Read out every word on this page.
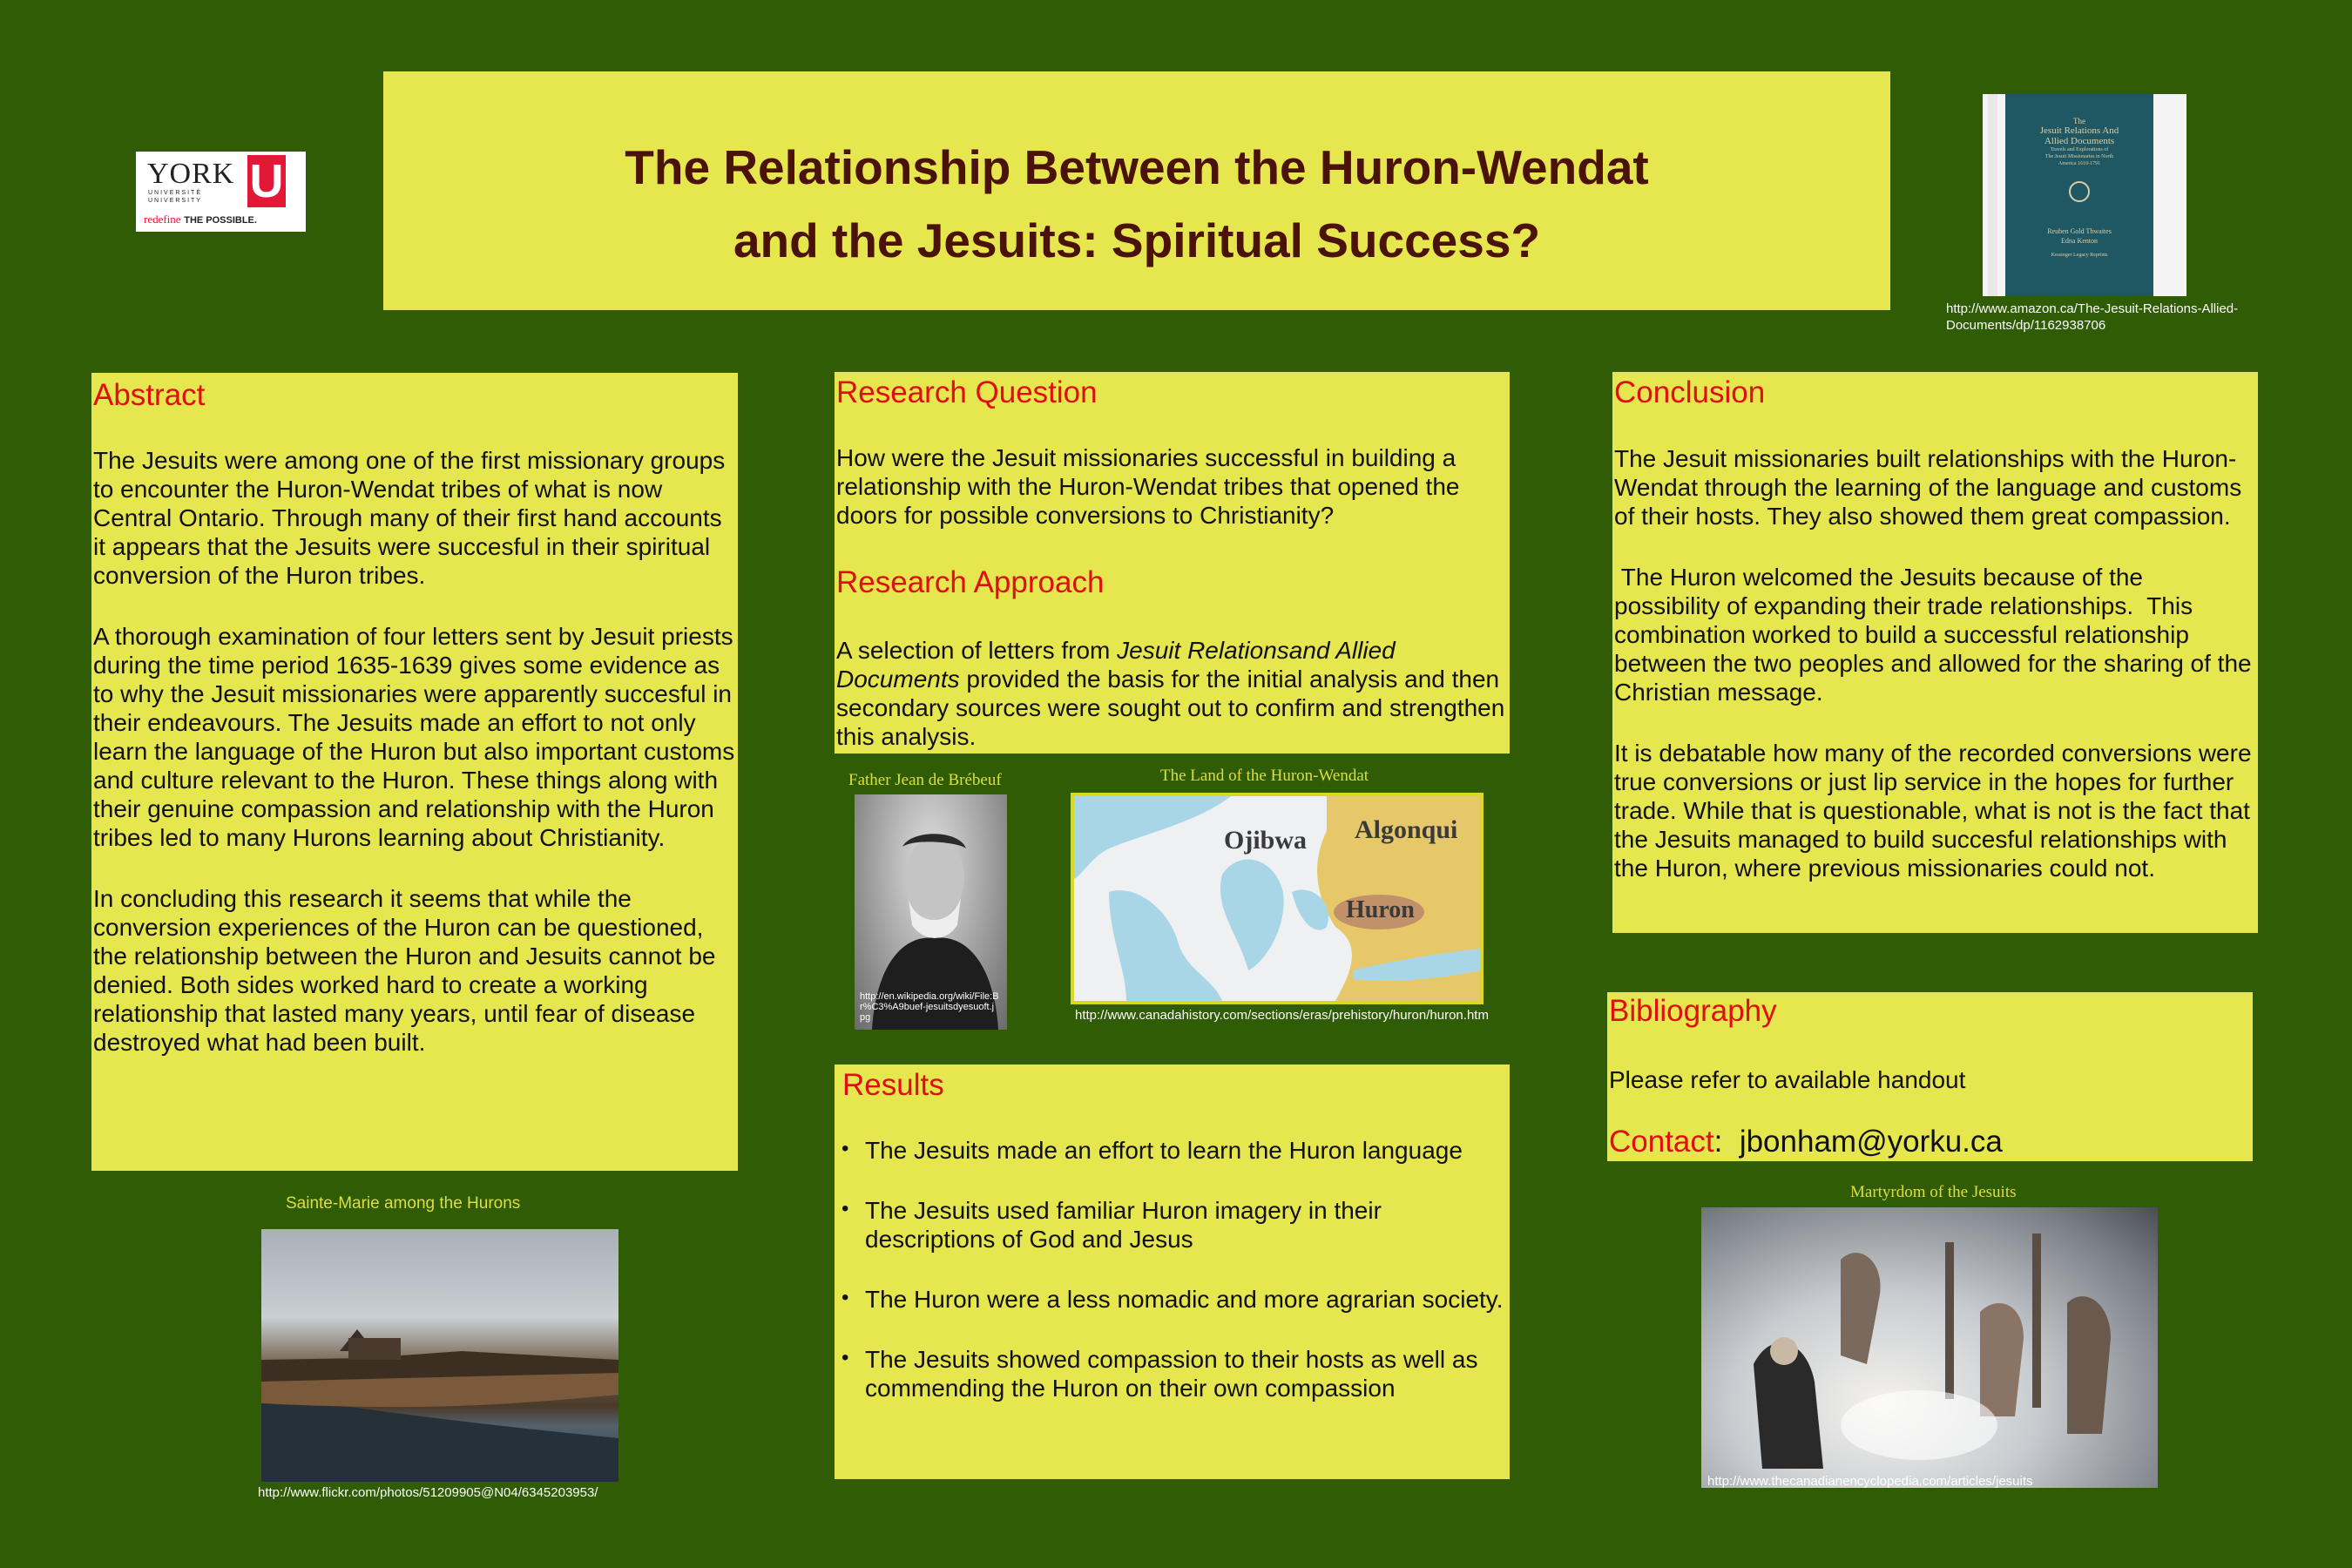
YORK
UNIVERSITÉ
UNIVERSITY U
redefine THE POSSIBLE.
The Relationship Between the Huron-Wendat
and the Jesuits: Spiritual Success?
The
Jesuit Relations And
Allied Documents
Travels and Explorations of
The Jesuit Missionaries in North
America 1610-1791
Reuben Gold Thwaites
Edna Kenton
Kessinger Legacy Reprints
http://www.amazon.ca/The-Jesuit-Relations-Allied-Documents/dp/1162938706
Abstract

The Jesuits were among one of the first missionary groups to encounter the Huron-Wendat tribes of what is now Central Ontario. Through many of their first hand accounts it appears that the Jesuits were succesful in their spiritual conversion of the Huron tribes.

A thorough examination of four letters sent by Jesuit priests during the time period 1635-1639 gives some evidence as to why the Jesuit missionaries were apparently succesful in their endeavours. The Jesuits made an effort to not only learn the language of the Huron but also important customs and culture relevant to the Huron. These things along with their genuine compassion and relationship with the Huron tribes led to many Hurons learning about Christianity.

In concluding this research it seems that while the conversion experiences of the Huron can be questioned, the relationship between the Huron and Jesuits cannot be denied. Both sides worked hard to create a working relationship that lasted many years, until fear of disease destroyed what had been built.

Sainte-Marie among the Hurons
http://www.flickr.com/photos/51209905@N04/6345203953/
Research Question
How were the Jesuit missionaries successful in building a relationship with the Huron-Wendat tribes that opened the doors for possible conversions to Christianity?
Research Approach
A selection of letters from Jesuit Relationsand Allied Documents provided the basis for the initial analysis and then secondary sources were sought out to confirm and strengthen this analysis.
Father Jean de Brébeuf
http://en.wikipedia.org/wiki/File:Br%C3%A9buef-jesuitsdyesuoft.jpg
The Land of the Huron-Wendat
Ojibwa Algonqui
Huron
http://www.canadahistory.com/sections/eras/prehistory/huron/huron.htm
Results
• The Jesuits made an effort to learn the Huron language
• The Jesuits used familiar Huron imagery in their descriptions of God and Jesus
• The Huron were a less nomadic and more agrarian society.
• The Jesuits showed compassion to their hosts as well as commending the Huron on their own compassion
Conclusion

The Jesuit missionaries built relationships with the Huron-Wendat through the learning of the language and customs of their hosts. They also showed them great compassion.

The Huron welcomed the Jesuits because of the possibility of expanding their trade relationships.  This combination worked to build a successful relationship between the two peoples and allowed for the sharing of the Christian message.

It is debatable how many of the recorded conversions were true conversions or just lip service in the hopes for further trade. While that is questionable, what is not is the fact that the Jesuits managed to build succesful relationships with the Huron, where previous missionaries could not.

Bibliography
Please refer to available handout
Contact:  jbonham@yorku.ca
Martyrdom of the Jesuits
http://www.thecanadianencyclopedia.com/articles/jesuits
